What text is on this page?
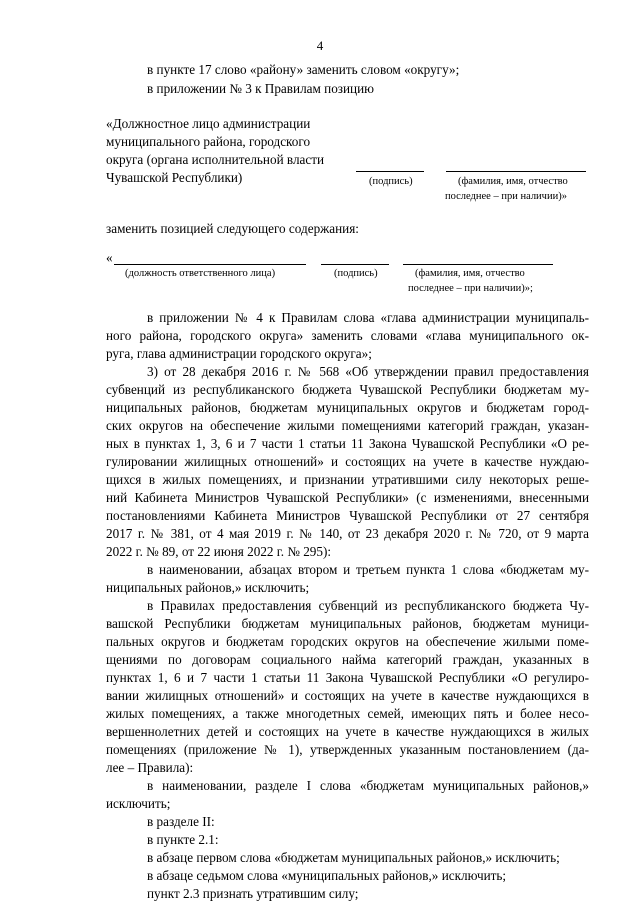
4
в пункте 17 слово «району» заменить словом «округу»;
в приложении № 3 к Правилам позицию
«Должностное лицо администрации
муниципального района, городского
округа (органа исполнительной власти
Чувашской Республики)	(подпись)	(фамилия, имя, отчество
последнее – при наличии)»
заменить позицией следующего содержания:
«
(должность ответственного лица)	(подпись)	(фамилия, имя, отчество
последнее – при наличии)»;
в приложении № 4 к Правилам слова «глава администрации муниципаль-
ного района, городского округа» заменить словами «глава муниципального ок-
руга, глава администрации городского округа»;
3) от 28 декабря 2016 г. № 568 «Об утверждении правил предоставления
субвенций из республиканского бюджета Чувашской Республики бюджетам му-
ниципальных районов, бюджетам муниципальных округов и бюджетам город-
ских округов на обеспечение жилыми помещениями категорий граждан, указан-
ных в пунктах 1, 3, 6 и 7 части 1 статьи 11 Закона Чувашской Республики «О ре-
гулировании жилищных отношений» и состоящих на учете в качестве нуждаю-
щихся в жилых помещениях, и признании утратившими силу некоторых реше-
ний Кабинета Министров Чувашской Республики» (с изменениями, внесенными
постановлениями Кабинета Министров Чувашской Республики от 27 сентября
2017 г. № 381, от 4 мая 2019 г. № 140, от 23 декабря 2020 г. № 720, от 9 марта
2022 г. № 89, от 22 июня 2022 г. № 295):
в наименовании, абзацах втором и третьем пункта 1 слова «бюджетам му-
ниципальных районов,» исключить;
в Правилах предоставления субвенций из республиканского бюджета Чу-
вашской Республики бюджетам муниципальных районов, бюджетам муници-
пальных округов и бюджетам городских округов на обеспечение жилыми поме-
щениями по договорам социального найма категорий граждан, указанных в
пунктах 1, 6 и 7 части 1 статьи 11 Закона Чувашской Республики «О регулиро-
вании жилищных отношений» и состоящих на учете в качестве нуждающихся в
жилых помещениях, а также многодетных семей, имеющих пять и более несо-
вершеннолетних детей и состоящих на учете в качестве нуждающихся в жилых
помещениях (приложение № 1), утвержденных указанным постановлением (да-
лее – Правила):
в наименовании, разделе I слова «бюджетам муниципальных районов,»
исключить;
в разделе II:
в пункте 2.1:
в абзаце первом слова «бюджетам муниципальных районов,» исключить;
в абзаце седьмом слова «муниципальных районов,» исключить;
пункт 2.3 признать утратившим силу;
